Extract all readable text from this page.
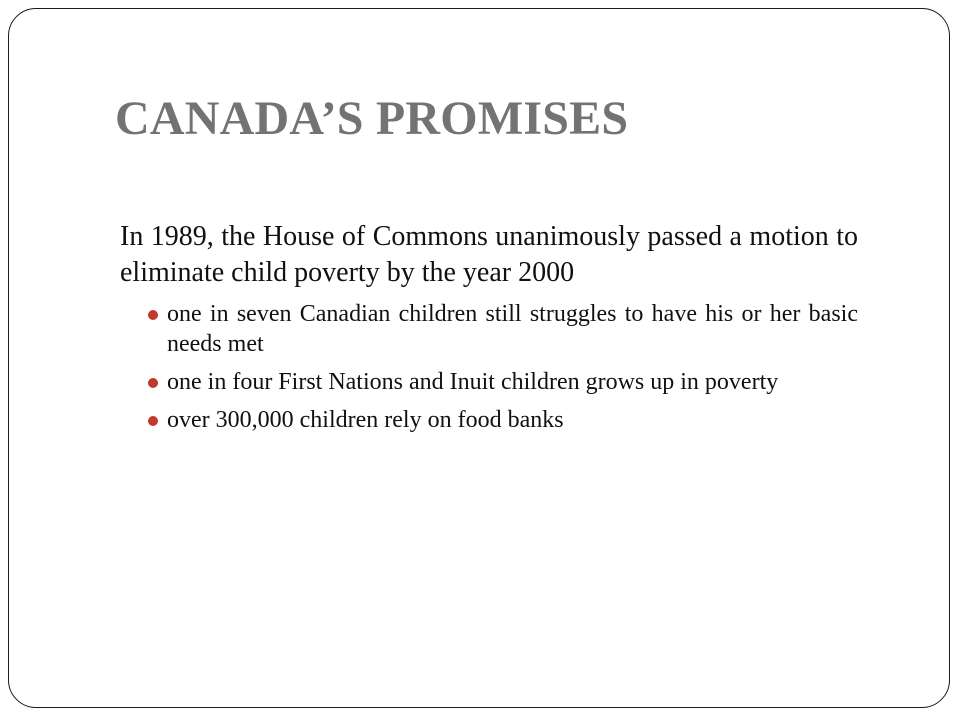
CANADA’S PROMISES

In 1989, the House of Commons unanimously passed a motion to eliminate child poverty by the year 2000

one in seven Canadian children still struggles to have his or her basic needs met
one in four First Nations and Inuit children grows up in poverty
over 300,000 children rely on food banks
